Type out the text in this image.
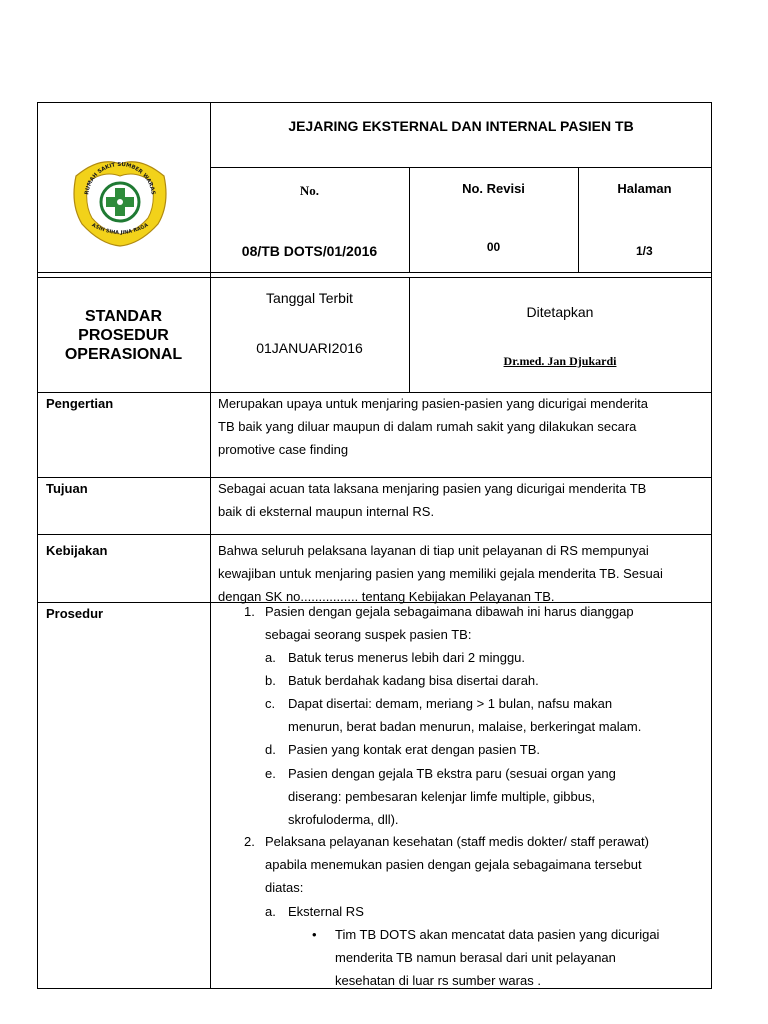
RUMAH SAKIT SUMBER WARAS
ASIH SIHA JINA RAGA
JEJARING EKSTERNAL DAN INTERNAL PASIEN TB
No.
08/TB DOTS/01/2016
No. Revisi
00
Halaman
1/3
STANDAR
PROSEDUR
OPERASIONAL
Tanggal Terbit
01JANUARI2016
Ditetapkan
Dr.med. Jan Djukardi
Pengertian
Tujuan
Kebijakan
Prosedur
Merupakan upaya untuk menjaring pasien-pasien yang dicurigai menderita
TB baik yang diluar maupun di dalam rumah sakit yang dilakukan secara
promotive case finding
Sebagai acuan tata laksana menjaring pasien yang dicurigai menderita TB
baik di eksternal maupun internal RS.
Bahwa seluruh pelaksana layanan di tiap unit pelayanan di RS mempunyai
kewajiban untuk menjaring pasien yang memiliki gejala menderita TB. Sesuai
dengan SK no................ tentang Kebijakan Pelayanan TB.
1. Pasien dengan gejala sebagaimana dibawah ini harus dianggap
sebagai seorang suspek pasien TB:
a. Batuk terus menerus lebih dari 2 minggu.
b. Batuk berdahak kadang bisa disertai darah.
c. Dapat disertai: demam, meriang > 1 bulan, nafsu makan
menurun, berat badan menurun, malaise, berkeringat malam.
d. Pasien yang kontak erat dengan pasien TB.
e. Pasien dengan gejala TB ekstra paru (sesuai organ yang
diserang: pembesaran kelenjar limfe multiple, gibbus,
skrofuloderma, dll).
2. Pelaksana pelayanan kesehatan (staff medis dokter/ staff perawat)
apabila menemukan pasien dengan gejala sebagaimana tersebut
diatas:
a. Eksternal RS
• Tim TB DOTS akan mencatat data pasien yang dicurigai
menderita TB namun berasal dari unit pelayanan
kesehatan di luar rs sumber waras .
